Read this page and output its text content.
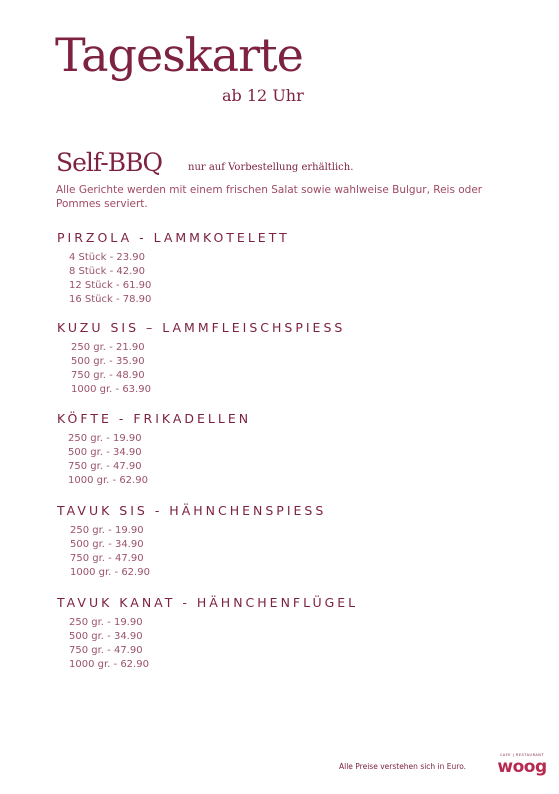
Tageskarte
ab 12 Uhr
Self-BBQ	nur auf Vorbestellung erhältlich.
Alle Gerichte werden mit einem frischen Salat sowie wahlweise Bulgur, Reis oder Pommes serviert.
PIRZOLA - LAMMKOTELETT
4 Stück - 23.90
8 Stück - 42.90
12 Stück - 61.90
16 Stück - 78.90
KUZU SIS – LAMMFLEISCHSPIESS
250 gr. - 21.90
500 gr. - 35.90
750 gr. - 48.90
1000 gr. - 63.90
KÖFTE - FRIKADELLEN
250 gr. - 19.90
500 gr. - 34.90
750 gr. - 47.90
1000 gr. - 62.90
TAVUK SIS - HÄHNCHENSPIESS
250 gr. - 19.90
500 gr. - 34.90
750 gr. - 47.90
1000 gr. - 62.90
TAVUK KANAT - HÄHNCHENFLÜGEL
250 gr. - 19.90
500 gr. - 34.90
750 gr. - 47.90
1000 gr. - 62.90
Alle Preise verstehen sich in Euro.
CAFE | RESTAURANT
woog
